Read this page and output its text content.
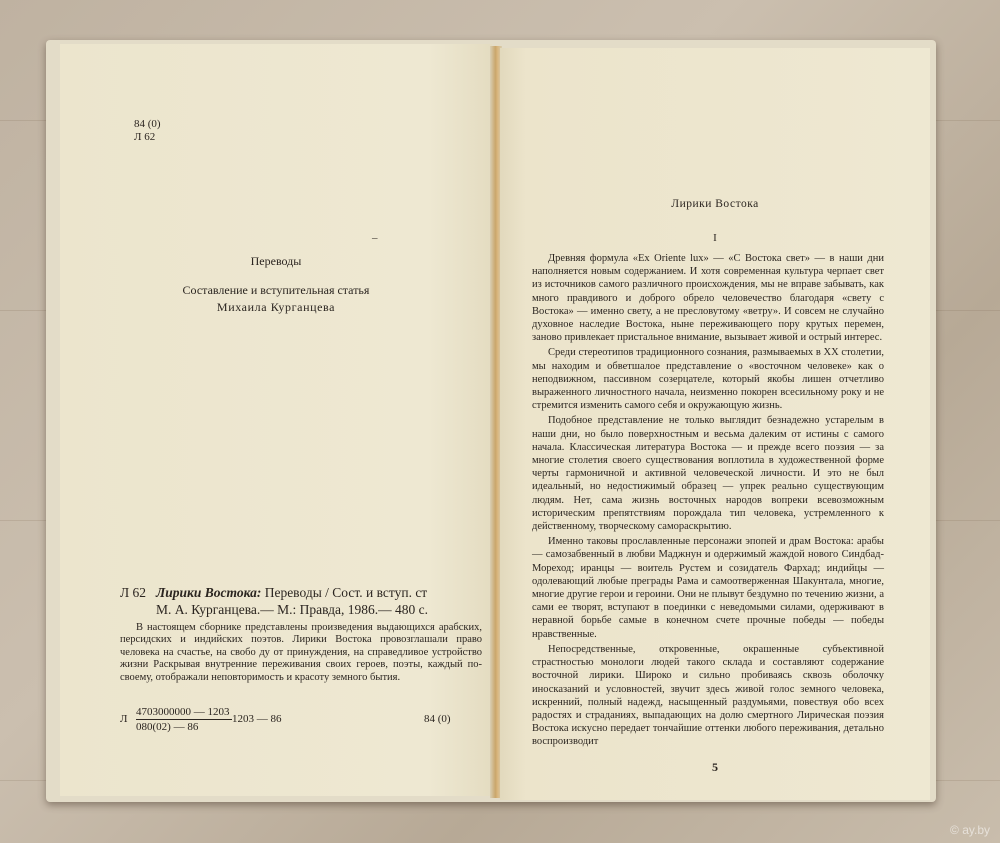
84 (0)
Л 62
–
Переводы
Составление и вступительная статья
Михаила Курганцева
Л 62 Лирики Востока: Переводы / Сост. и вступ. ст
М. А. Курганцева.— М.: Правда, 1986.— 480 с.
В настоящем сборнике представлены произведения выдающихся арабских, персидских и индийских поэтов. Лирики Востока провозглашали право человека на счастье, на свобо ду от принуждения, на справедливое устройство жизни Раскрывая внутренние переживания своих героев, поэты, каждый по-своему, отображали неповторимость и красоту земного бытия.
Л
4703000000 — 1203
1203 — 86	84 (0)
080(02) — 86
Лирики Востока
I

Древняя формула «Ex Oriente lux» — «С Востока свет» — в наши дни наполняется новым содержанием. И хотя современная культура черпает свет из источников самого различного происхождения, мы не вправе забывать, как много правдивого и доброго обрело человечество благодаря «свету с Востока» — именно свету, а не пресловутому «ветру». И совсем не случайно духовное наследие Востока, ныне переживающего пору крутых перемен, заново привлекает пристальное внимание, вызывает живой и острый интерес.

Среди стереотипов традиционного сознания, размываемых в XX столетии, мы находим и обветшалое представление о «восточном человеке» как о неподвижном, пассивном созерцателе, который якобы лишен отчетливо выраженного личностного начала, неизменно покорен всесильному року и не стремится изменить самого себя и окружающую жизнь.

Подобное представление не только выглядит безнадежно устарелым в наши дни, но было поверхностным и весьма далеким от истины с самого начала. Классическая литература Востока — и прежде всего поэзия — за многие столетия своего существования воплотила в художественной форме черты гармоничной и активной человеческой личности. И это не был идеальный, но недостижимый образец — упрек реально существующим людям. Нет, сама жизнь восточных народов вопреки всевозможным историческим препятствиям порождала тип человека, устремленного к действенному, творческому самораскрытию.

Именно таковы прославленные персонажи эпопей и драм Востока: арабы — самозабвенный в любви Маджнун и одержимый жаждой нового Синдбад-Мореход; иранцы — воитель Рустем и созидатель Фархад; индийцы — одолевающий любые преграды Рама и самоотверженная Шакунтала, многие, многие другие герои и героини. Они не плывут бездумно по течению жизни, а сами ее творят, вступают в поединки с неведомыми силами, одерживают в неравной борьбе самые в конечном счете прочные победы — победы нравственные.

Непосредственные, откровенные, окрашенные субъективной страстностью монологи людей такого склада и составляют содержание восточной лирики. Широко и сильно пробиваясь сквозь оболочку иносказаний и условностей, звучит здесь живой голос земного человека, искренний, полный надежд, насыщенный раздумьями, повествуя обо всех радостях и страданиях, выпадающих на долю смертного Лирическая поэзия Востока искусно передает тончайшие оттенки любого переживания, детально воспроизводит

5
© ay.by
